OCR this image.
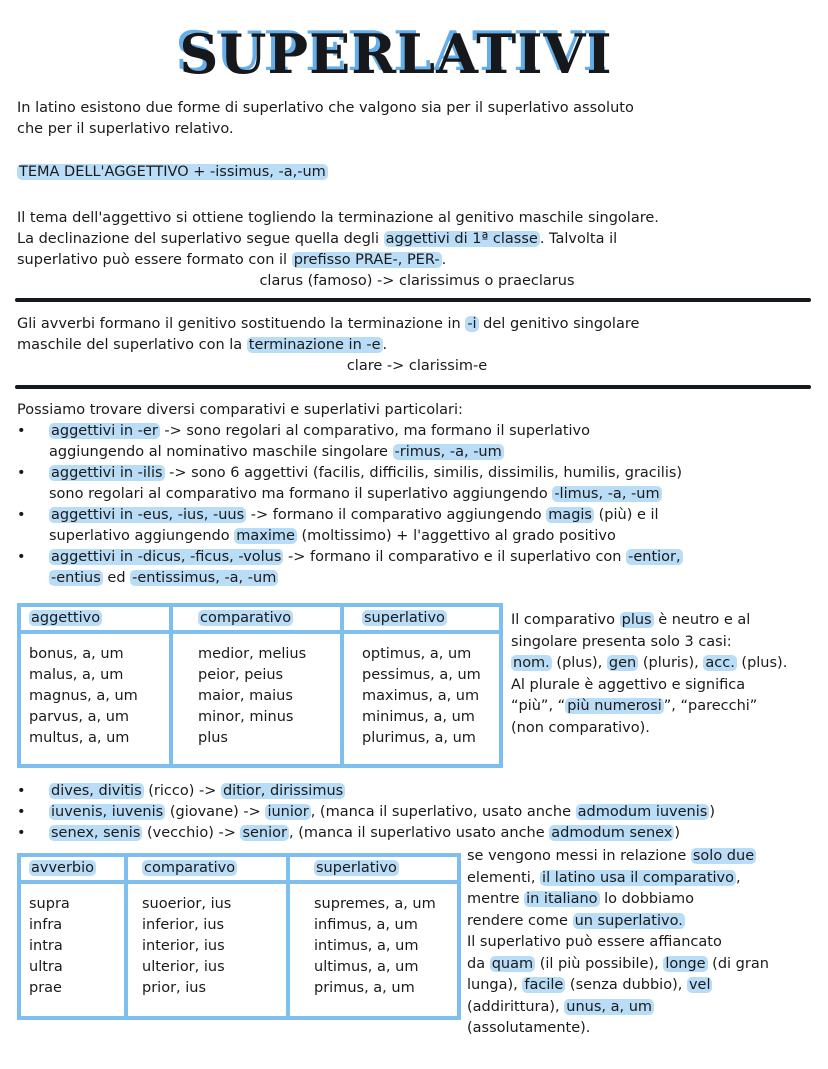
SUPERLATIVI

In latino esistono due forme di superlativo che valgono sia per il superlativo assoluto

che per il superlativo relativo.

TEMA DELL'AGGETTIVO + -issimus, -a,-um

Il tema dell'aggettivo si ottiene togliendo la terminazione al genitivo maschile singolare.

La declinazione del superlativo segue quella degli aggettivi di 1ª classe . Talvolta il

superlativo può essere formato con il prefisso PRAE-, PER- .

clarus (famoso) -> clarissimus o praeclarus

Gli avverbi formano il genitivo sostituendo la terminazione in -i del genitivo singolare

maschile del superlativo con la terminazione in -e .

clare -> clarissim-e

Possiamo trovare diversi comparativi e superlativi particolari:

• aggettivi in -er -> sono regolari al comparativo, ma formano il superlativo
aggiungendo al nominativo maschile singolare -rimus, -a, -um
• aggettivi in -ilis -> sono 6 aggettivi (facilis, difficilis, similis, dissimilis, humilis, gracilis)
sono regolari al comparativo ma formano il superlativo aggiungendo -limus, -a, -um
• aggettivi in -eus, -ius, -uus -> formano il comparativo aggiungendo magis (più) e il
superlativo aggiungendo maxime (moltissimo) + l'aggettivo al grado positivo
• aggettivi in -dicus, -ficus, -volus -> formano il comparativo e il superlativo con -entior,
-entius ed -entissimus, -a, -um
aggettivo
bonus, a, um
malus, a, um
magnus, a, um
parvus, a, um
multus, a, um
comparativo
medior, melius
peior, peius
maior, maius
minor, minus
plus
superlativo
optimus, a, um
pessimus, a, um
maximus, a, um
minimus, a, um
plurimus, a, um
Il comparativo plus è neutro e al
singolare presenta solo 3 casi:
nom. (plus), gen (pluris), acc. (plus).
Al plurale è aggettivo e significa
“più”, “ più numerosi ”, “parecchi”
(non comparativo).
• dives, divitis (ricco) -> ditior, dirissimus
• iuvenis, iuvenis (giovane) -> iunior , (manca il superlativo, usato anche admodum iuvenis )
• senex, senis (vecchio) -> senior , (manca il superlativo usato anche admodum senex )
avverbio
supra
infra
intra
ultra
prae
comparativo
suoerior, ius
inferior, ius
interior, ius
ulterior, ius
prior, ius
superlativo
supremes, a, um
infimus, a, um
intimus, a, um
ultimus, a, um
primus, a, um
se vengono messi in relazione solo due
elementi, il latino usa il comparativo ,
mentre in italiano lo dobbiamo
rendere come un superlativo.
Il superlativo può essere affiancato
da quam (il più possibile), longe (di gran
lunga), facile (senza dubbio), vel
(addirittura), unus, a, um
(assolutamente).
